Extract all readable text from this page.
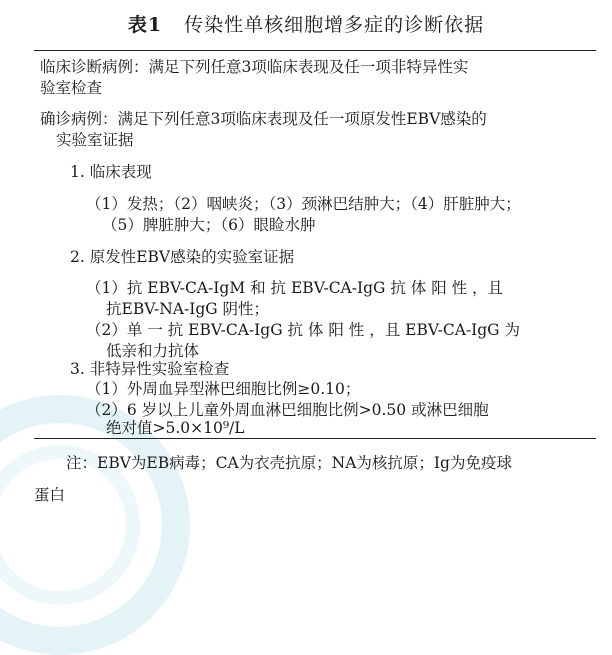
表1 传染性单核细胞增多症的诊断依据
临床诊断病例：满足下列任意3项临床表现及任一项非特异性实
验室检查
确诊病例：满足下列任意3项临床表现及任一项原发性EBV感染的
实验室证据
1. 临床表现
（1）发热；（2）咽峡炎；（3）颈淋巴结肿大；（4）肝脏肿大；
（5）脾脏肿大；（6）眼睑水肿
2. 原发性EBV感染的实验室证据
（1）抗 EBV-CA-IgM 和 抗 EBV-CA-IgG 抗 体 阳 性 ，且
抗EBV-NA-IgG 阴性；
（2）单 一 抗 EBV-CA-IgG 抗 体 阳 性 ，且 EBV-CA-IgG 为
低亲和力抗体
3. 非特异性实验室检查
（1）外周血异型淋巴细胞比例≥0.10；
（2）6 岁以上儿童外周血淋巴细胞比例>0.50 或淋巴细胞
绝对值>5.0×10⁹/L
注：EBV为EB病毒；CA为衣壳抗原；NA为核抗原；Ig为免疫球
蛋白
